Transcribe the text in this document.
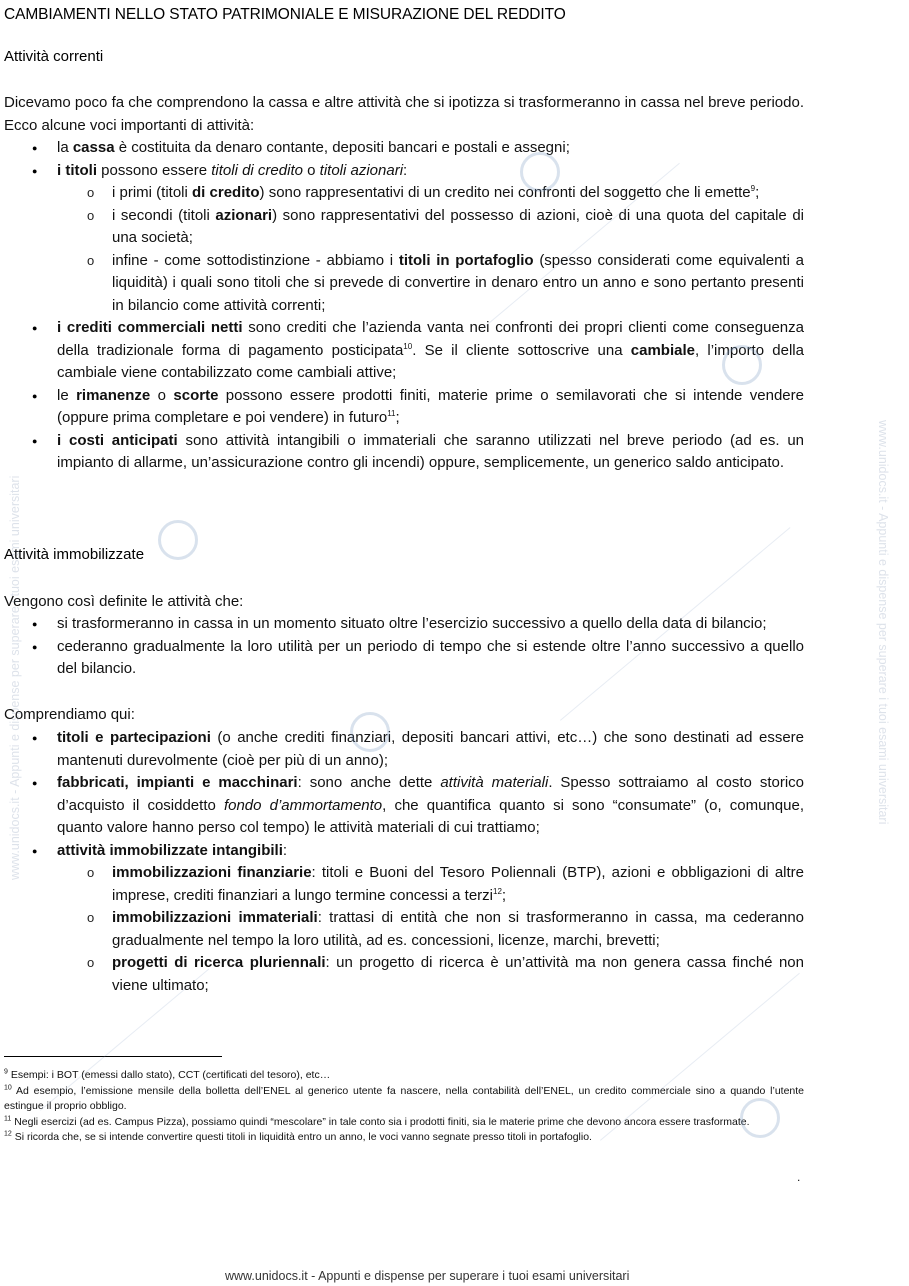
CAMBIAMENTI NELLO STATO PATRIMONIALE E MISURAZIONE DEL REDDITO
Attività correnti
Dicevamo poco fa che comprendono la cassa e altre attività che si ipotizza si trasformeranno in cassa nel breve periodo. Ecco alcune voci importanti di attività:
● la cassa è costituita da denaro contante, depositi bancari e postali e assegni;
● i titoli possono essere titoli di credito o titoli azionari:
o i primi (titoli di credito) sono rappresentativi di un credito nei confronti del soggetto che li emette$^9$;
o i secondi (titoli azionari) sono rappresentativi del possesso di azioni, cioè di una quota del capitale di una società;
o infine - come sottodistinzione - abbiamo i titoli in portafoglio (spesso considerati come equivalenti a liquidità) i quali sono titoli che si prevede di convertire in denaro entro un anno e sono pertanto presenti in bilancio come attività correnti;
● i crediti commerciali netti sono crediti che l’azienda vanta nei confronti dei propri clienti come conseguenza della tradizionale forma di pagamento posticipata$^{10}$. Se il cliente sottoscrive una cambiale, l’importo della cambiale viene contabilizzato come cambiali attive;
● le rimanenze o scorte possono essere prodotti finiti, materie prime o semilavorati che si intende vendere (oppure prima completare e poi vendere) in futuro$^{11}$;
● i costi anticipati sono attività intangibili o immateriali che saranno utilizzati nel breve periodo (ad es. un impianto di allarme, un’assicurazione contro gli incendi) oppure, semplicemente, un generico saldo anticipato.
Attività immobilizzate
Vengono così definite le attività che:
● si trasformeranno in cassa in un momento situato oltre l’esercizio successivo a quello della data di bilancio;
● cederanno gradualmente la loro utilità per un periodo di tempo che si estende oltre l’anno successivo a quello del bilancio.
Comprendiamo qui:
● titoli e partecipazioni (o anche crediti finanziari, depositi bancari attivi, etc…) che sono destinati ad essere mantenuti durevolmente (cioè per più di un anno);
● fabbricati, impianti e macchinari: sono anche dette attività materiali. Spesso sottraiamo al costo storico d’acquisto il cosiddetto fondo d’ammortamento, che quantifica quanto si sono “consumate” (o, comunque, quanto valore hanno perso col tempo) le attività materiali di cui trattiamo;
● attività immobilizzate intangibili:
o immobilizzazioni finanziarie: titoli e Buoni del Tesoro Poliennali (BTP), azioni e obbligazioni di altre imprese, crediti finanziari a lungo termine concessi a terzi$^{12}$;
o immobilizzazioni immateriali: trattasi di entità che non si trasformeranno in cassa, ma cederanno gradualmente nel tempo la loro utilità, ad es. concessioni, licenze, marchi, brevetti;
o progetti di ricerca pluriennali: un progetto di ricerca è un’attività ma non genera cassa finché non viene ultimato;

$^9$ Esempi: i BOT (emessi dallo stato), CCT (certificati del tesoro), etc…

$^{10}$ Ad esempio, l’emissione mensile della bolletta dell’ENEL al generico utente fa nascere, nella contabilità dell’ENEL, un credito commerciale sino a quando l’utente estingue il proprio obbligo.

$^{11}$ Negli esercizi (ad es. Campus Pizza), possiamo quindi “mescolare” in tale conto sia i prodotti finiti, sia le materie prime che devono ancora essere trasformate.

$^{12}$ Si ricorda che, se si intende convertire questi titoli in liquidità entro un anno, le voci vanno segnate presso titoli in portafoglio.

.
www.unidocs.it - Appunti e dispense per superare i tuoi esami universitari	www.unidocs.it - Appunti e dispense per superare i tuoi esami universitari
www.unidocs.it - Appunti e dispense per superare i tuoi esami universitari
